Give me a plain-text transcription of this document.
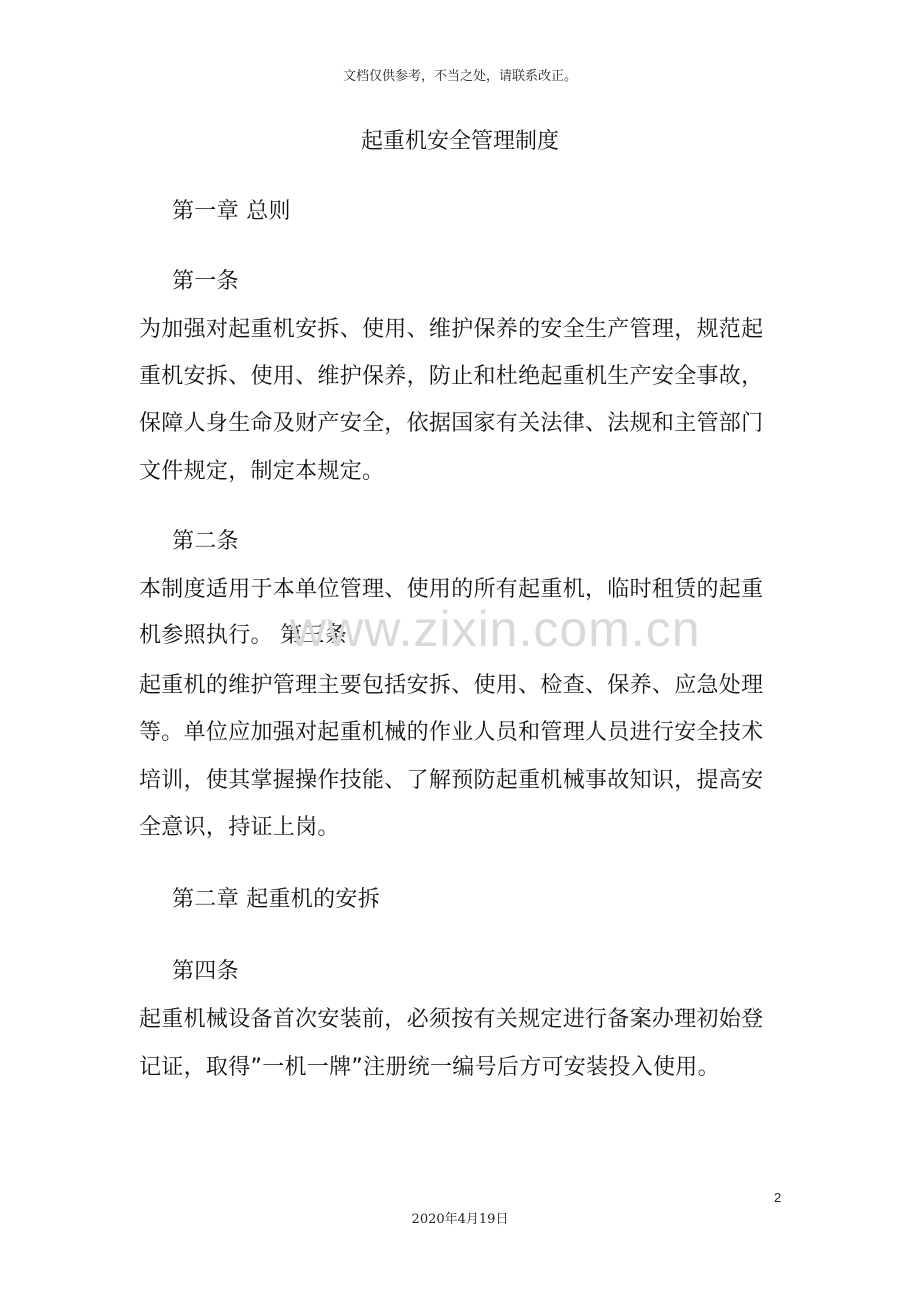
文档仅供参考，不当之处，请联系改正。
起重机安全管理制度
第一章 总则
第一条
为加强对起重机安拆、使用、维护保养的安全生产管理，规范起
重机安拆、使用、维护保养，防止和杜绝起重机生产安全事故，
保障人身生命及财产安全，依据国家有关法律、法规和主管部门
文件规定，制定本规定。
第二条
本制度适用于本单位管理、使用的所有起重机，临时租赁的起重
机参照执行。 第三条
起重机的维护管理主要包括安拆、使用、检查、保养、应急处理
等。单位应加强对起重机械的作业人员和管理人员进行安全技术
培训，使其掌握操作技能、了解预防起重机械事故知识，提高安
全意识，持证上岗。
第二章 起重机的安拆
第四条
起重机械设备首次安装前，必须按有关规定进行备案办理初始登
记证，取得”一机一牌”注册统一编号后方可安装投入使用。
www.zixin.com.cn
2
2020年4月19日
